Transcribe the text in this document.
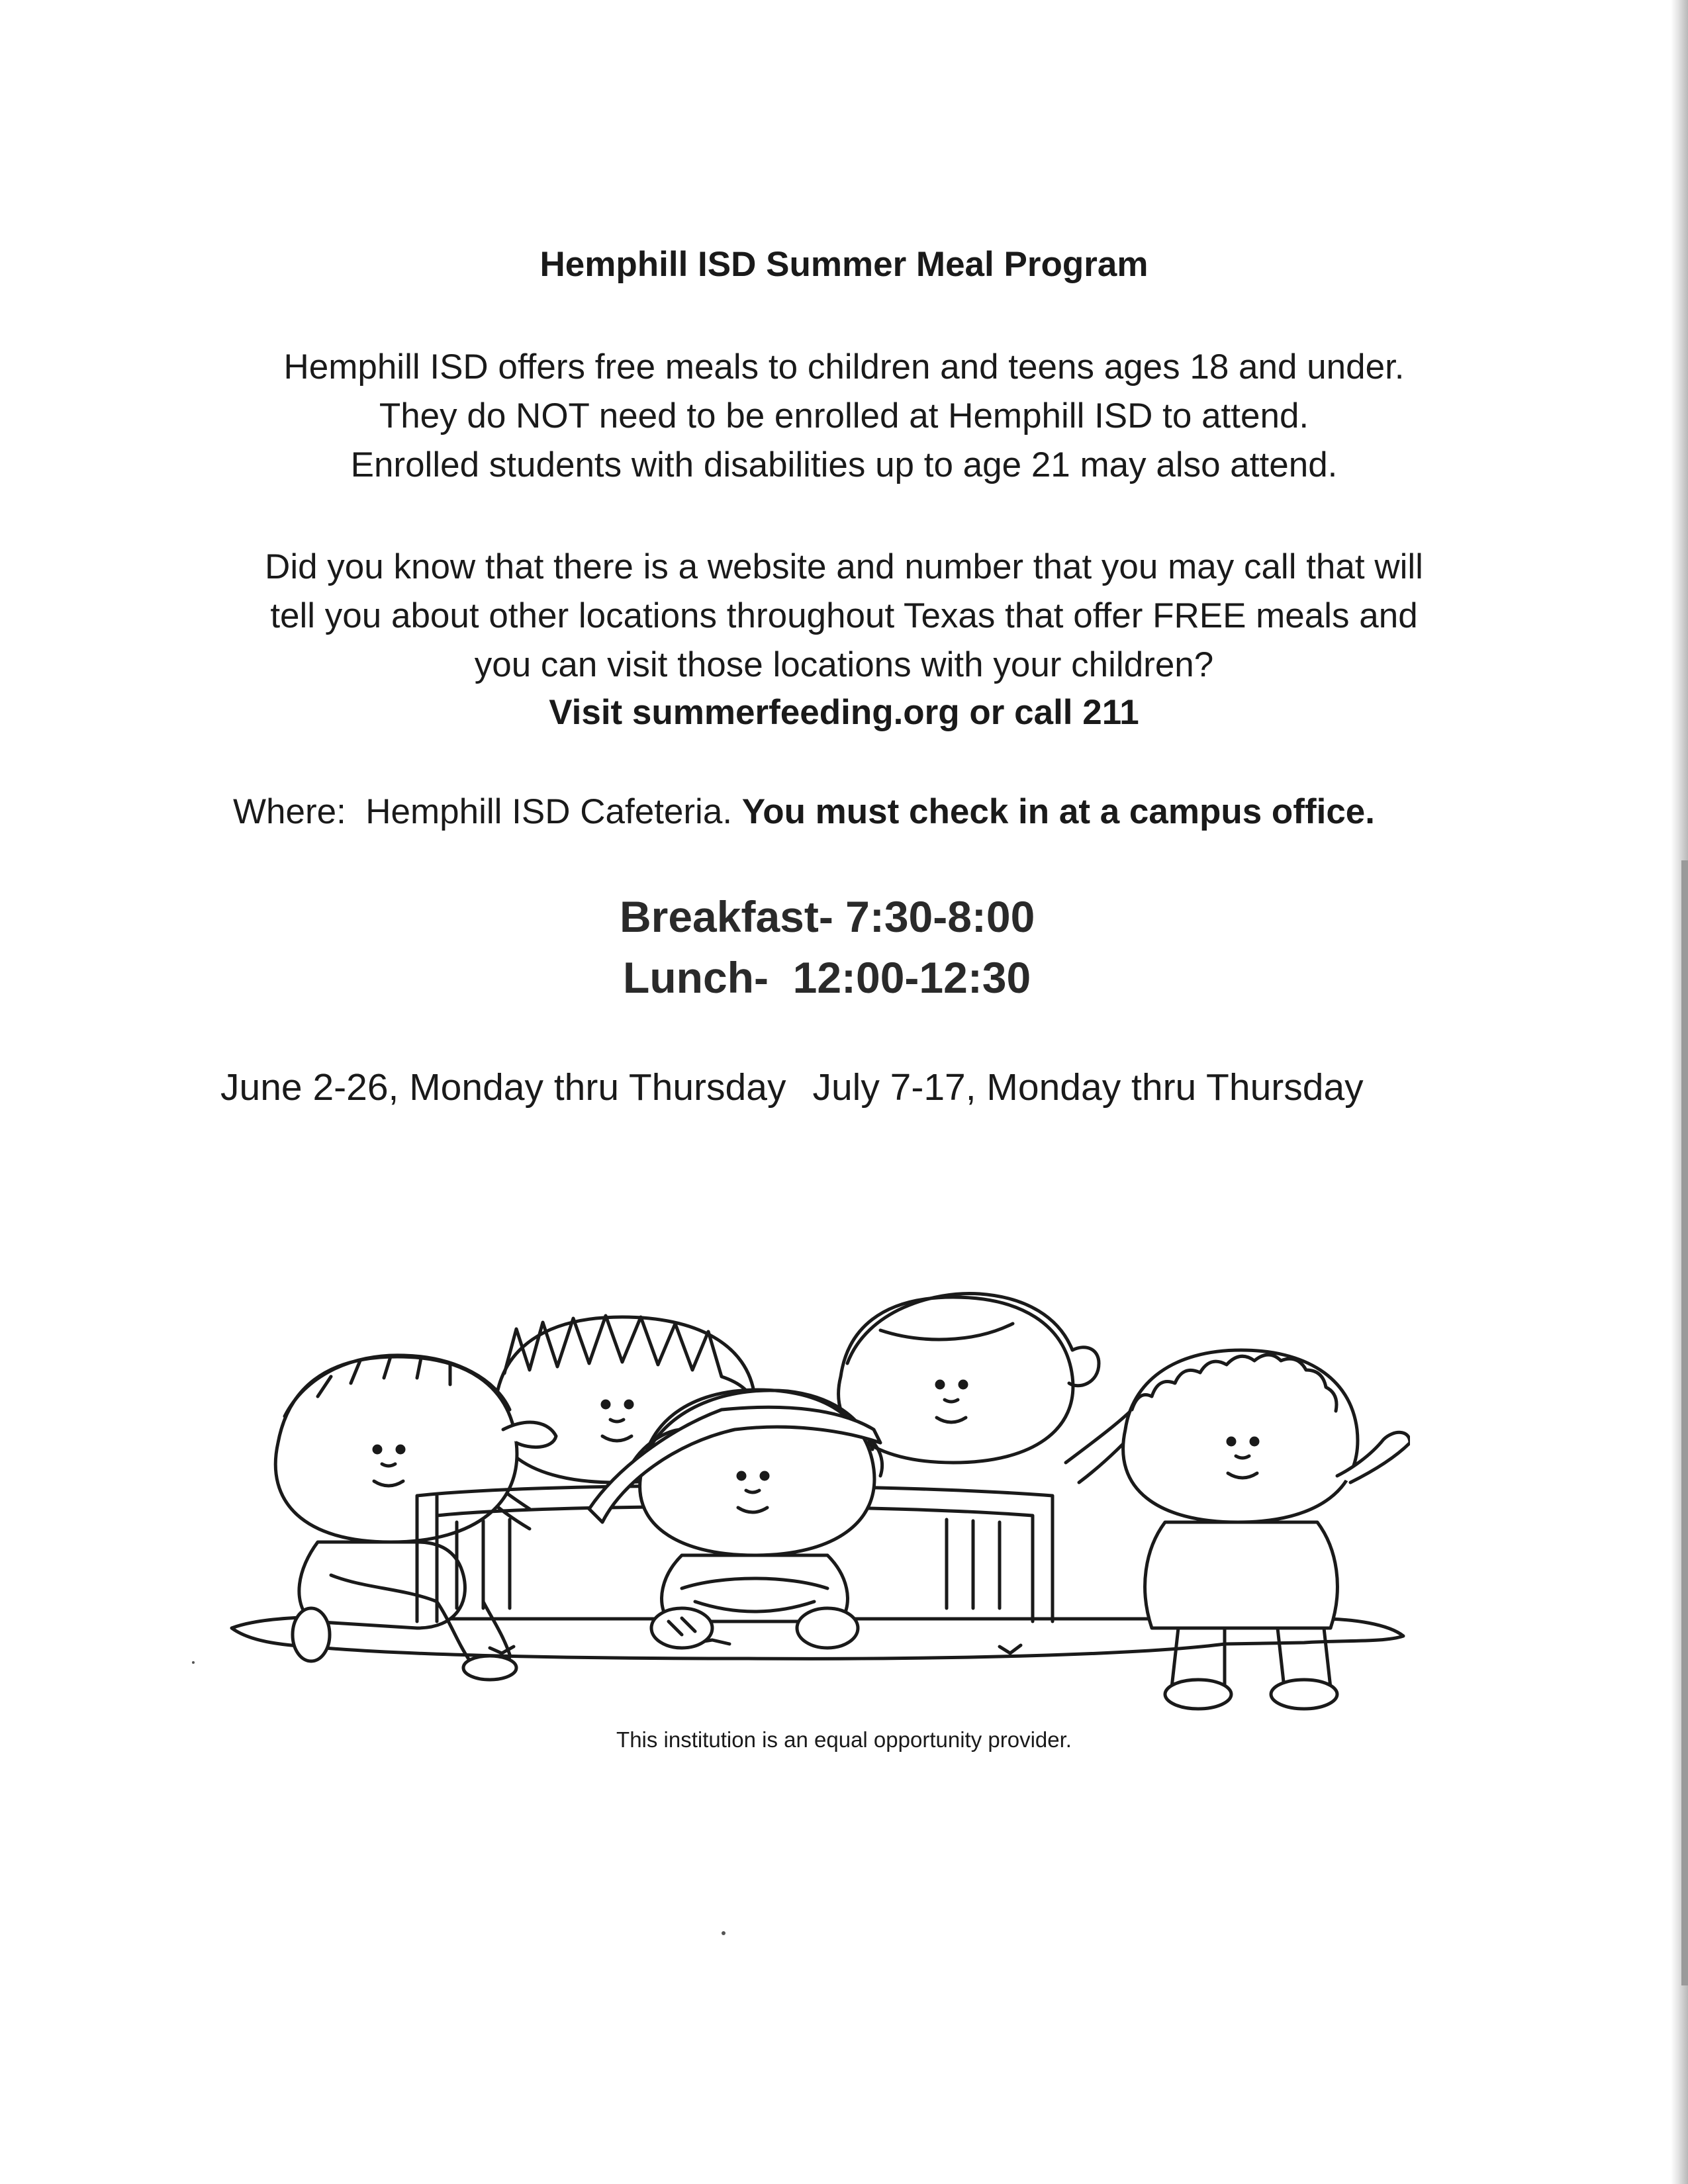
Hemphill ISD Summer Meal Program

Hemphill ISD offers free meals to children and teens ages 18 and under.
They do NOT need to be enrolled at Hemphill ISD to attend.
Enrolled students with disabilities up to age 21 may also attend.

Did you know that there is a website and number that you may call that will
tell you about other locations throughout Texas that offer FREE meals and
you can visit those locations with your children?

Visit summerfeeding.org or call 211

Where: Hemphill ISD Cafeteria. You must check in at a campus office.

Breakfast- 7:30-8:00

Lunch-  12:00-12:30

June 2-26, Monday thru Thursday July 7-17, Monday thru Thursday

This institution is an equal opportunity provider.
